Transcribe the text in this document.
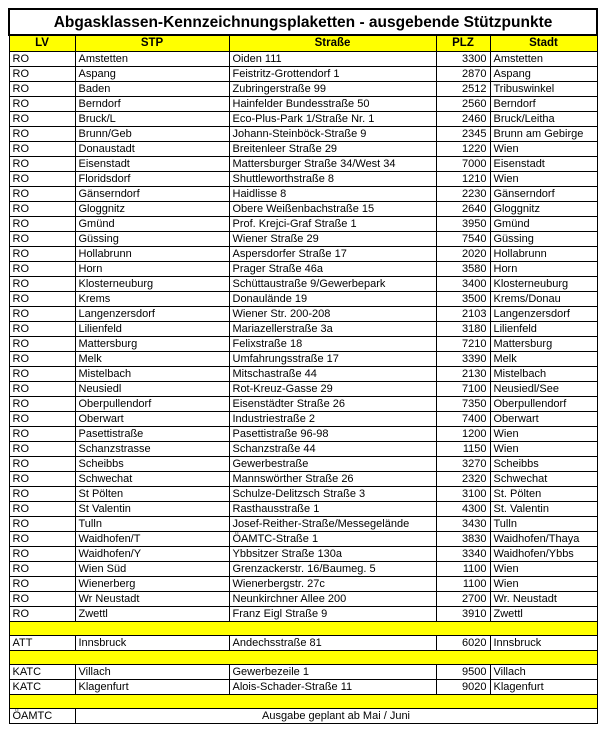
Abgasklassen-Kennzeichnungsplaketten - ausgebende Stützpunkte				
LV	STP	Straße	PLZ	Stadt
RO	Amstetten	Oiden 111	3300	Amstetten
RO	Aspang	Feistritz-Grottendorf 1	2870	Aspang
RO	Baden	Zubringerstraße 99	2512	Tribuswinkel
RO	Berndorf	Hainfelder Bundesstraße 50	2560	Berndorf
RO	Bruck/L	Eco-Plus-Park 1/Straße Nr. 1	2460	Bruck/Leitha
RO	Brunn/Geb	Johann-Steinböck-Straße 9	2345	Brunn am Gebirge
RO	Donaustadt	Breitenleer Straße 29	1220	Wien
RO	Eisenstadt	Mattersburger Straße 34/West 34	7000	Eisenstadt
RO	Floridsdorf	Shuttleworthstraße 8	1210	Wien
RO	Gänserndorf	Haidlisse 8	2230	Gänserndorf
RO	Gloggnitz	Obere Weißenbachstraße 15	2640	Gloggnitz
RO	Gmünd	Prof. Krejci-Graf Straße 1	3950	Gmünd
RO	Güssing	Wiener Straße 29	7540	Güssing
RO	Hollabrunn	Aspersdorfer Straße 17	2020	Hollabrunn
RO	Horn	Prager Straße 46a	3580	Horn
RO	Klosterneuburg	Schüttaustraße 9/Gewerbepark	3400	Klosterneuburg
RO	Krems	Donaulände 19	3500	Krems/Donau
RO	Langenzersdorf	Wiener Str. 200-208	2103	Langenzersdorf
RO	Lilienfeld	Mariazellerstraße 3a	3180	Lilienfeld
RO	Mattersburg	Felixstraße 18	7210	Mattersburg
RO	Melk	Umfahrungsstraße 17	3390	Melk
RO	Mistelbach	Mitschastraße 44	2130	Mistelbach
RO	Neusiedl	Rot-Kreuz-Gasse 29	7100	Neusiedl/See
RO	Oberpullendorf	Eisenstädter Straße 26	7350	Oberpullendorf
RO	Oberwart	Industriestraße 2	7400	Oberwart
RO	Pasettistraße	Pasettistraße 96-98	1200	Wien
RO	Schanzstrasse	Schanzstraße 44	1150	Wien
RO	Scheibbs	Gewerbestraße	3270	Scheibbs
RO	Schwechat	Mannswörther Straße 26	2320	Schwechat
RO	St Pölten	Schulze-Delitzsch Straße 3	3100	St. Pölten
RO	St Valentin	Rasthausstraße 1	4300	St. Valentin
RO	Tulln	Josef-Reither-Straße/Messegelände	3430	Tulln
RO	Waidhofen/T	ÖAMTC-Straße 1	3830	Waidhofen/Thaya
RO	Waidhofen/Y	Ybbsitzer Straße 130a	3340	Waidhofen/Ybbs
RO	Wien Süd	Grenzackerstr. 16/Baumeg. 5	1100	Wien
RO	Wienerberg	Wienerbergstr. 27c	1100	Wien
RO	Wr Neustadt	Neunkirchner Allee 200	2700	Wr. Neustadt
RO	Zwettl	Franz Eigl Straße 9	3910	Zwettl

ATT	Innsbruck	Andechsstraße 81	6020	Innsbruck

KATC	Villach	Gewerbezeile 1	9500	Villach
KATC	Klagenfurt	Alois-Schader-Straße 11	9020	Klagenfurt

ÖAMTC	Ausgabe geplant ab Mai / Juni			
